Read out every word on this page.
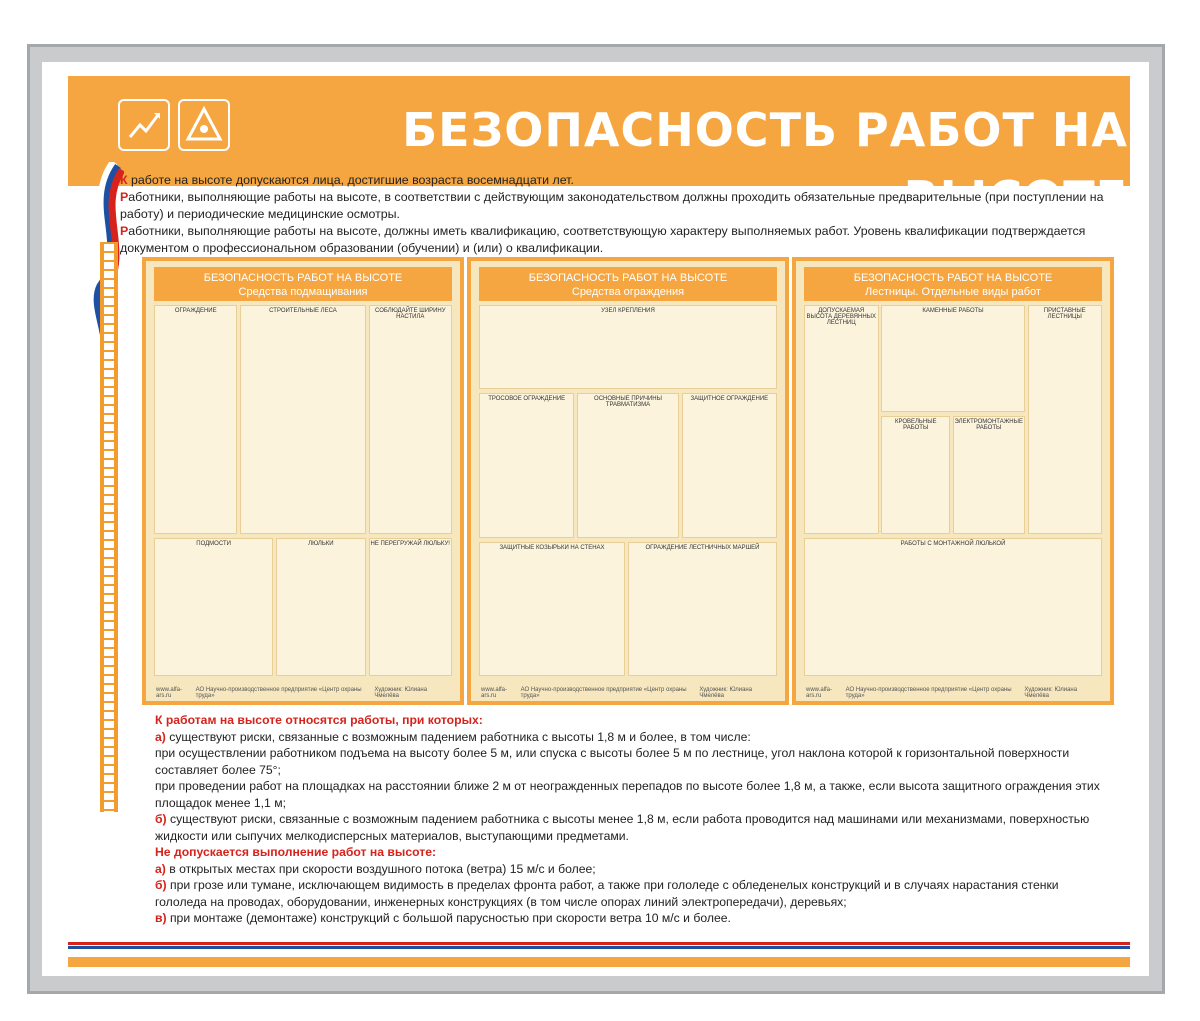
БЕЗОПАСНОСТЬ РАБОТ НА ВЫСОТЕ

К работе на высоте допускаются лица, достигшие возраста восемнадцати лет.

Работники, выполняющие работы на высоте, в соответствии с действующим законодательством должны проходить обязательные предварительные (при поступлении на работу) и периодические медицинские осмотры.

Работники, выполняющие работы на высоте, должны иметь квалификацию, соответствующую характеру выполняемых работ. Уровень квалификации подтверждается документом о профессиональном образовании (обучении) и (или) о квалификации.

БЕЗОПАСНОСТЬ РАБОТ НА ВЫСОТЕ
Средства подмащивания
ОГРАЖДЕНИЕ	СТРОИТЕЛЬНЫЕ ЛЕСА	СОБЛЮДАЙТЕ ШИРИНУ НАСТИЛА
ПОДМОСТИ	ЛЮЛЬКИ	НЕ ПЕРЕГРУЖАЙ ЛЮЛЬКУ!
www.alfa-ars.ru
АО Научно-производственное предприятие «Центр охраны труда»
Художник: Юлиана Чмелёва
БЕЗОПАСНОСТЬ РАБОТ НА ВЫСОТЕ
Средства ограждения
УЗЕЛ КРЕПЛЕНИЯ
ТРОСОВОЕ ОГРАЖДЕНИЕ	ОСНОВНЫЕ ПРИЧИНЫ ТРАВМАТИЗМА
ЗАЩИТНОЕ ОГРАЖДЕНИЕ
ЗАЩИТНЫЕ КОЗЫРЬКИ НА СТЕНАХ	ОГРАЖДЕНИЕ ЛЕСТНИЧНЫХ МАРШЕЙ
www.alfa-ars.ru
АО Научно-производственное предприятие «Центр охраны труда»
Художник: Юлиана Чмелёва
БЕЗОПАСНОСТЬ РАБОТ НА ВЫСОТЕ
Лестницы. Отдельные виды работ
ДОПУСКАЕМАЯ ВЫСОТА ДЕРЕВЯННЫХ ЛЕСТНИЦ
КАМЕННЫЕ РАБОТЫ	ПРИСТАВНЫЕ ЛЕСТНИЦЫ
КРОВЕЛЬНЫЕ РАБОТЫ
ЭЛЕКТРОМОНТАЖНЫЕ РАБОТЫ
РАБОТЫ С МОНТАЖНОЙ ЛЮЛЬКОЙ
www.alfa-ars.ru
АО Научно-производственное предприятие «Центр охраны труда»
Художник: Юлиана Чмелёва

К работам на высоте относятся работы, при которых:

а) существуют риски, связанные с возможным падением работника с высоты 1,8 м и более, в том числе:

при осуществлении работником подъема на высоту более 5 м, или спуска с высоты более 5 м по лестнице, угол наклона которой к горизонтальной поверхности составляет более 75°;

при проведении работ на площадках на расстоянии ближе 2 м от неогражденных перепадов по высоте более 1,8 м, а также, если высота защитного ограждения этих площадок менее 1,1 м;

б) существуют риски, связанные с возможным падением работника с высоты менее 1,8 м, если работа проводится над машинами или механизмами, поверхностью жидкости или сыпучих мелкодисперсных материалов, выступающими предметами.

Не допускается выполнение работ на высоте:

а) в открытых местах при скорости воздушного потока (ветра) 15 м/с и более;

б) при грозе или тумане, исключающем видимость в пределах фронта работ, а также при гололеде с обледенелых конструкций и в случаях нарастания стенки гололеда на проводах, оборудовании, инженерных конструкциях (в том числе опорах линий электропередачи), деревьях;

в) при монтаже (демонтаже) конструкций с большой парусностью при скорости ветра 10 м/с и более.
